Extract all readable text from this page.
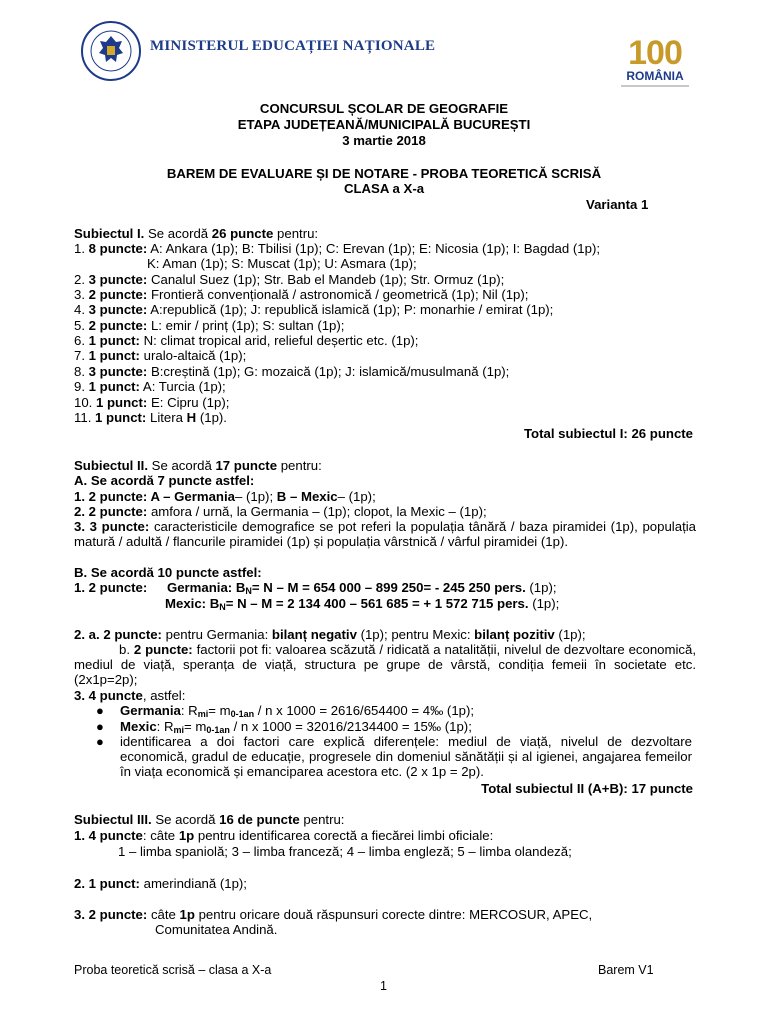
MINISTERUL EDUCAȚIEI NAȚIONALE	100
ROMÂNIA
CONCURSUL ȘCOLAR DE GEOGRAFIE
ETAPA JUDEȚEANĂ/MUNICIPALĂ BUCUREȘTI
3 martie 2018
BAREM DE EVALUARE ȘI DE NOTARE - PROBA TEORETICĂ SCRISĂ
CLASA a X-a
Varianta 1
Subiectul I. Se acordă 26 puncte pentru:
1. 8 puncte: A: Ankara (1p); B: Tbilisi (1p); C: Erevan (1p); E: Nicosia (1p); I: Bagdad (1p);
K: Aman (1p); S: Muscat (1p); U: Asmara (1p);
2. 3 puncte: Canalul Suez (1p); Str. Bab el Mandeb (1p); Str. Ormuz (1p);
3. 2 puncte: Frontieră convențională / astronomică / geometrică (1p); Nil (1p);
4. 3 puncte: A:republică (1p); J: republică islamică (1p); P: monarhie / emirat (1p);
5. 2 puncte: L: emir / prinț (1p); S: sultan (1p);
6. 1 punct: N: climat tropical arid, relieful deșertic etc. (1p);
7. 1 punct: uralo-altaică (1p);
8. 3 puncte: B:creștină (1p); G: mozaică (1p); J: islamică/musulmană (1p);
9. 1 punct: A: Turcia (1p);
10. 1 punct: E: Cipru (1p);
11. 1 punct: Litera H (1p).
Total subiectul I: 26 puncte
Subiectul II. Se acordă 17 puncte pentru:
A. Se acordă 7 puncte astfel:
1. 2 puncte: A – Germania– (1p); B – Mexic– (1p);
2. 2 puncte: amfora / urnă, la Germania – (1p); clopot, la Mexic – (1p);
3. 3 puncte: caracteristicile demografice se pot referi la populația tânără / baza piramidei (1p), populația matură / adultă / flancurile piramidei (1p) și populația vârstnică / vârful piramidei (1p).
B. Se acordă 10 puncte astfel:
1. 2 puncte: Germania: $B_N= N - M = 654$ 000 – 899 250= - 245 250 pers. (1p);
Mexic: $B_N= N - M = 2$ 134 400 – 561 685 = + 1 572 715 pers. (1p);
2. a. 2 puncte: pentru Germania: bilanț negativ (1p); pentru Mexic: bilanț pozitiv (1p);
b. 2 puncte: factorii pot fi: valoarea scăzută / ridicată a natalității, nivelul de dezvoltare economică, mediul de viață, speranța de viață, structura pe grupe de vârstă, condiția femeii în societate etc. (2x1p=2p);
3. 4 puncte, astfel:
● Germania: $R_{mi}= m_{0-1an} / n$ x 1000 = 2616/654400 = 4‰ (1p);
● Mexic: $R_{mi}= m_{0-1an} / n$ x 1000 = 32016/2134400 = 15‰ (1p);
● identificarea a doi factori care explică diferențele: mediul de viață, nivelul de dezvoltare economică, gradul de educație, progresele din domeniul sănătății și al igienei, angajarea femeilor în viața economică și emanciparea acestora etc. (2 x 1p = 2p).
Total subiectul II (A+B): 17 puncte
Subiectul III. Se acordă 16 de puncte pentru:
1. 4 puncte: câte 1p pentru identificarea corectă a fiecărei limbi oficiale:
1 – limba spaniolă; 3 – limba franceză; 4 – limba engleză; 5 – limba olandeză;
2. 1 punct: amerindiană (1p);
3. 2 puncte: câte 1p pentru oricare două răspunsuri corecte dintre: MERCOSUR, APEC,
Comunitatea Andină.
Proba teoretică scrisă – clasa a X-a	Barem V1
1
